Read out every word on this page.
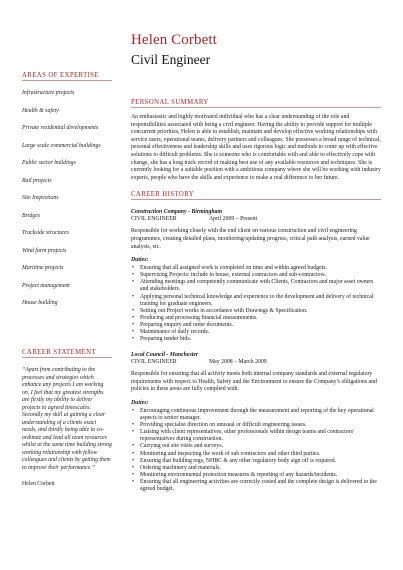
Helen Corbett
Civil Engineer
AREAS OF EXPERTISE
Infrastructure projects
Health & safety
Private residential developments
Large scale commercial buildings
Public sector buildings
Rail projects
Site Inspections
Bridges
Trackside structures
Wind farm projects
Maritime projects
Project management
House building
CAREER STATEMENT

“Apart from contributing to the processes and strategies which enhance any projects I am working on, I feel that my greatest strengths are firstly my ability to deliver projects to agreed timescales. Secondly my skill at gaining a clear understanding of a clients exact needs, and thirdly being able to co-ordinate and lead all team resources whilst at the same time building strong working relationship with fellow colleagues and clients by getting them to improve their performance.”

Helen Corbett
PERSONAL SUMMARY

An enthusiastic and highly motivated individual who has a clear understanding of the role and responsibilities associated with being a civil engineer. Having the ability to provide support for multiple concurrent priorities, Helen is able to establish, maintain and develop effective working relationships with service users, operational teams, delivery partners and colleagues. She possesses a broad range of technical, personal effectiveness and leadership skills and uses rigorous logic and methods to come up with effective solutions to difficult problems. She is someone who is comfortable with and able to effectively cope with change, she has a long track record of making best use of any available resources and techniques. She is currently looking for a suitable position with a ambitious company where she will be working with industry experts, people who have the skills and experience to make a real difference to her future.

CAREER HISTORY
Construction Company - Birmingham
CIVIL ENGINEER	April 2009 – Present
Responsible for working closely with the end client on various construction and civil engineering programmes, creating detailed plans, monitoring/updating progress, critical path analysis, earned value analysis, etc.
Duties:
• Ensuring that all assigned work is completed on time and within agreed budgets.
• Supervising Projects: include in house, external contractors and sub-contractors.
• Attending meetings and competently communicate with Clients, Contractors and major asset owners and stakeholders.
• Applying personal technical knowledge and experience to the development and delivery of technical training for graduate engineers.
• Setting out Project works in accordance with Drawings & Specification.
• Producing and processing financial measurements.
• Preparing enquiry and order documents.
• Maintenance of daily records.
• Preparing tender bids.
Local Council - Manchester
CIVIL ENGINEER	May 2008 – March 2009
Responsible for ensuring that all activity meets both internal company standards and external regulatory requirements with respect to Health, Safety and the Environment to ensure the Company's obligations and policies in these areas are fully complied with.
Duties:
• Encouraging continuous improvement through the measurement and reporting of the key operational aspects to senior manager.
• Providing specialist direction on unusual or difficult engineering issues.
• Liaising with client representatives, other professionals within design teams and contractors' representatives during construction.
• Carrying out site visits and surveys.
• Monitoring and inspecting the work of sub contractors and other third parties.
• Ensuring that building regs, NHBC & any other regulatory body sign off is required.
• Ordering machinery and materials.
• Monitoring environmental protection measures & reporting of any hazards/incidents.
• Ensuring that all engineering activities are correctly costed and the complete design is delivered to the agreed budget.
